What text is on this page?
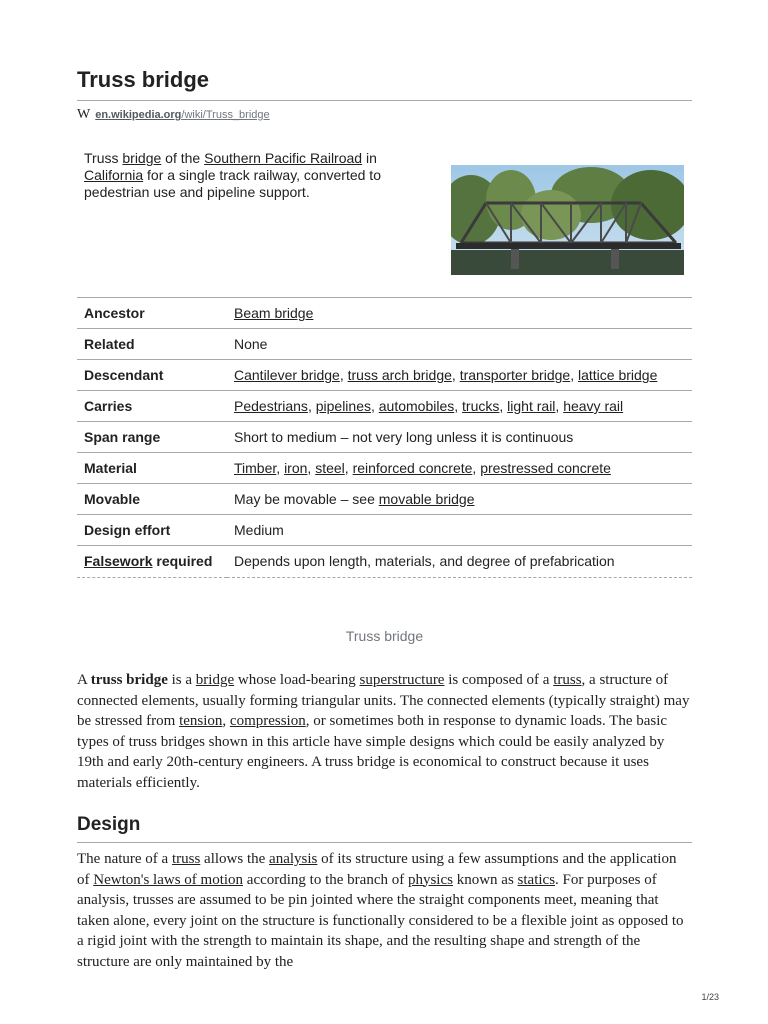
Truss bridge
W en.wikipedia.org /wiki/Truss_bridge
Truss bridge of the Southern Pacific Railroad in California for a single track railway, converted to pedestrian use and pipeline support.
Ancestor	Beam bridge
Related	None
Descendant	Cantilever bridge, truss arch bridge, transporter bridge, lattice bridge
Carries	Pedestrians, pipelines, automobiles, trucks, light rail, heavy rail
Span range	Short to medium – not very long unless it is continuous
Material	Timber, iron, steel, reinforced concrete, prestressed concrete
Movable	May be movable – see movable bridge
Design effort	Medium
Falsework required	Depends upon length, materials, and degree of prefabrication
Truss bridge

A truss bridge is a bridge whose load-bearing superstructure is composed of a truss, a structure of connected elements, usually forming triangular units. The connected elements (typically straight) may be stressed from tension, compression, or sometimes both in response to dynamic loads. The basic types of truss bridges shown in this article have simple designs which could be easily analyzed by 19th and early 20th-century engineers. A truss bridge is economical to construct because it uses materials efficiently.

Design

The nature of a truss allows the analysis of its structure using a few assumptions and the application of Newton's laws of motion according to the branch of physics known as statics. For purposes of analysis, trusses are assumed to be pin jointed where the straight components meet, meaning that taken alone, every joint on the structure is functionally considered to be a flexible joint as opposed to a rigid joint with the strength to maintain its shape, and the resulting shape and strength of the structure are only maintained by the

1/23
